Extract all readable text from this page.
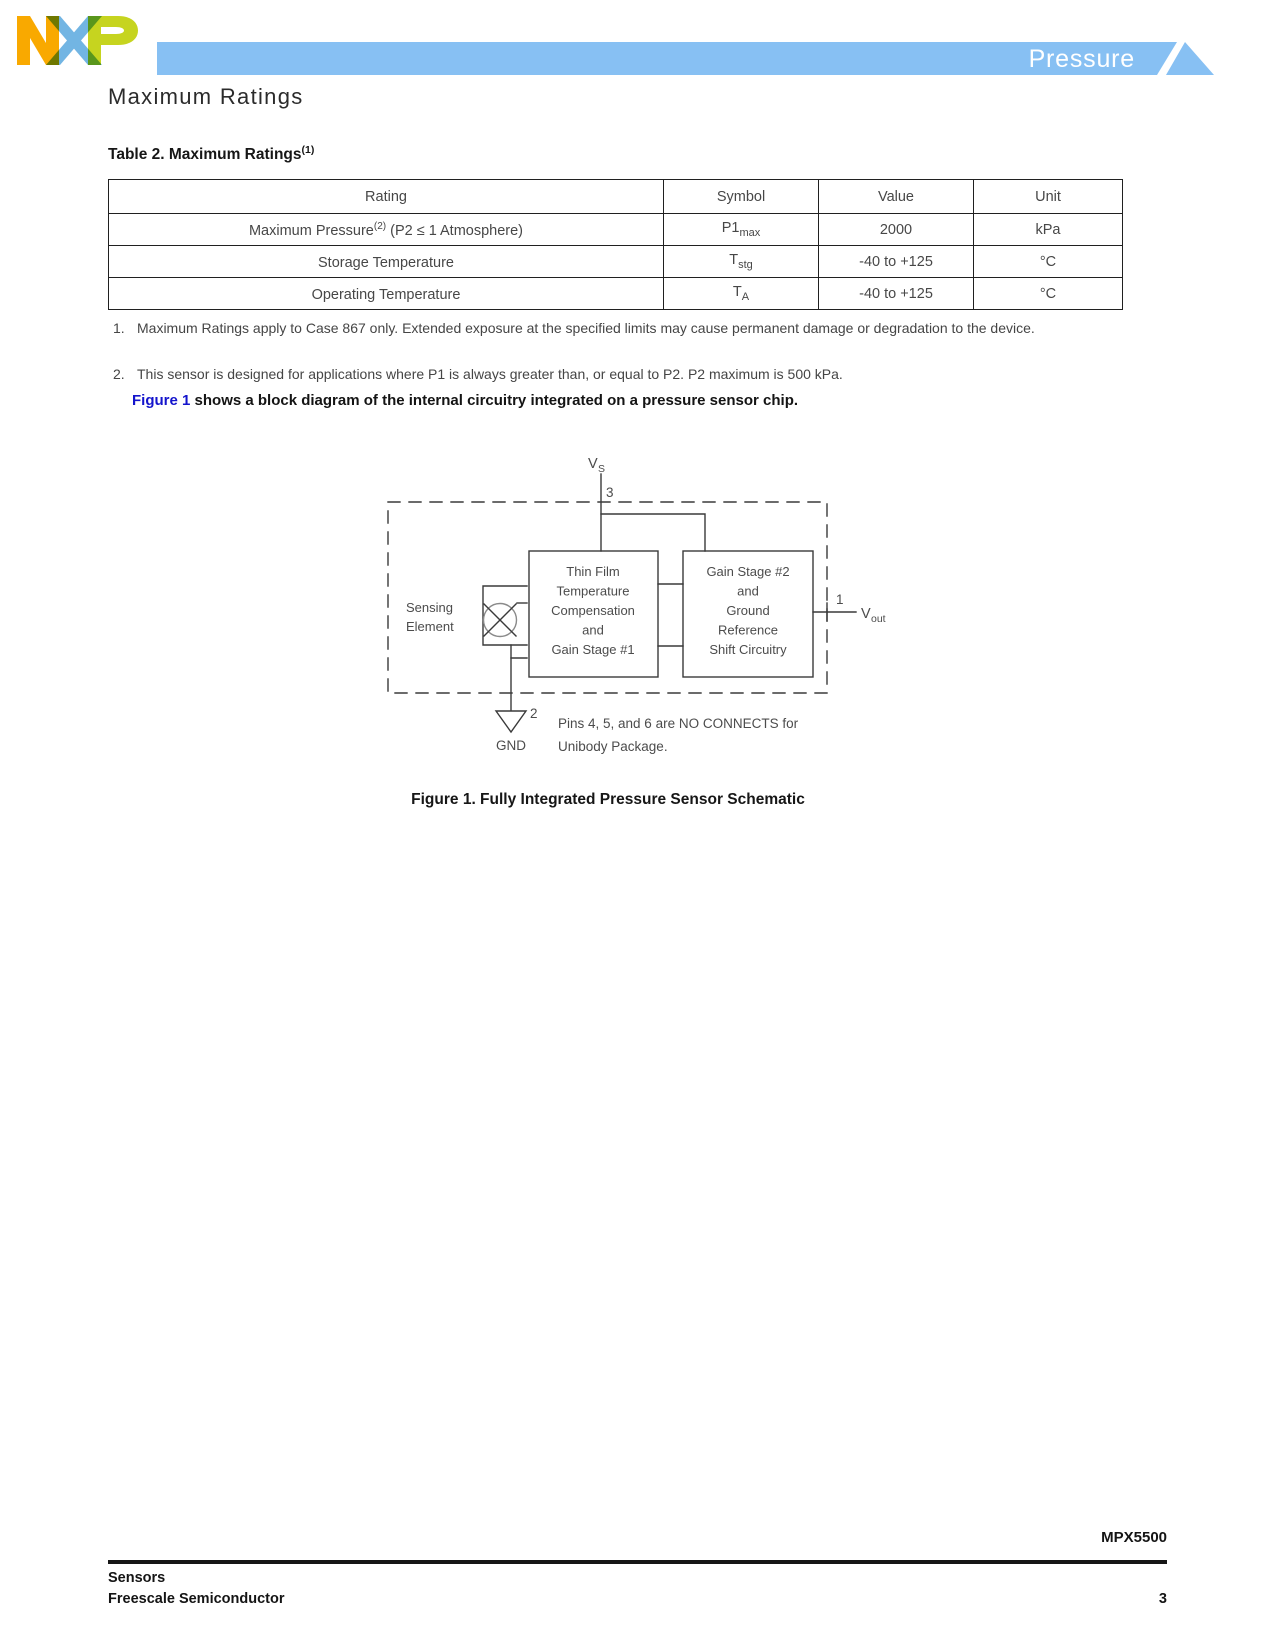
Pressure
Maximum Ratings
Table 2. Maximum Ratings$^{(1)}$
Rating	Symbol	Value	Unit
Maximum Pressure$^{(2)}$ (P2 ≤ 1 Atmosphere)	$P1_{max}$	2000	kPa
Storage Temperature	$T_{stg}$	-40 to +125	°C
Operating Temperature	$T_A$	-40 to +125	°C
1. Maximum Ratings apply to Case 867 only. Extended exposure at the specified limits may cause permanent damage or degradation to the device.
2. This sensor is designed for applications where P1 is always greater than, or equal to P2. P2 maximum is 500 kPa.
Figure 1 shows a block diagram of the internal circuitry integrated on a pressure sensor chip.
V S
3
Thin Film
Temperature
Compensation
and
Gain Stage #1
Gain Stage #2
and
Ground
Reference
Shift Circuitry
Sensing
Element
2
GND
1
V out
Pins 4, 5, and 6 are NO CONNECTS for
Unibody Package.
Figure 1. Fully Integrated Pressure Sensor Schematic
MPX5500
Sensors
Freescale Semiconductor	3
